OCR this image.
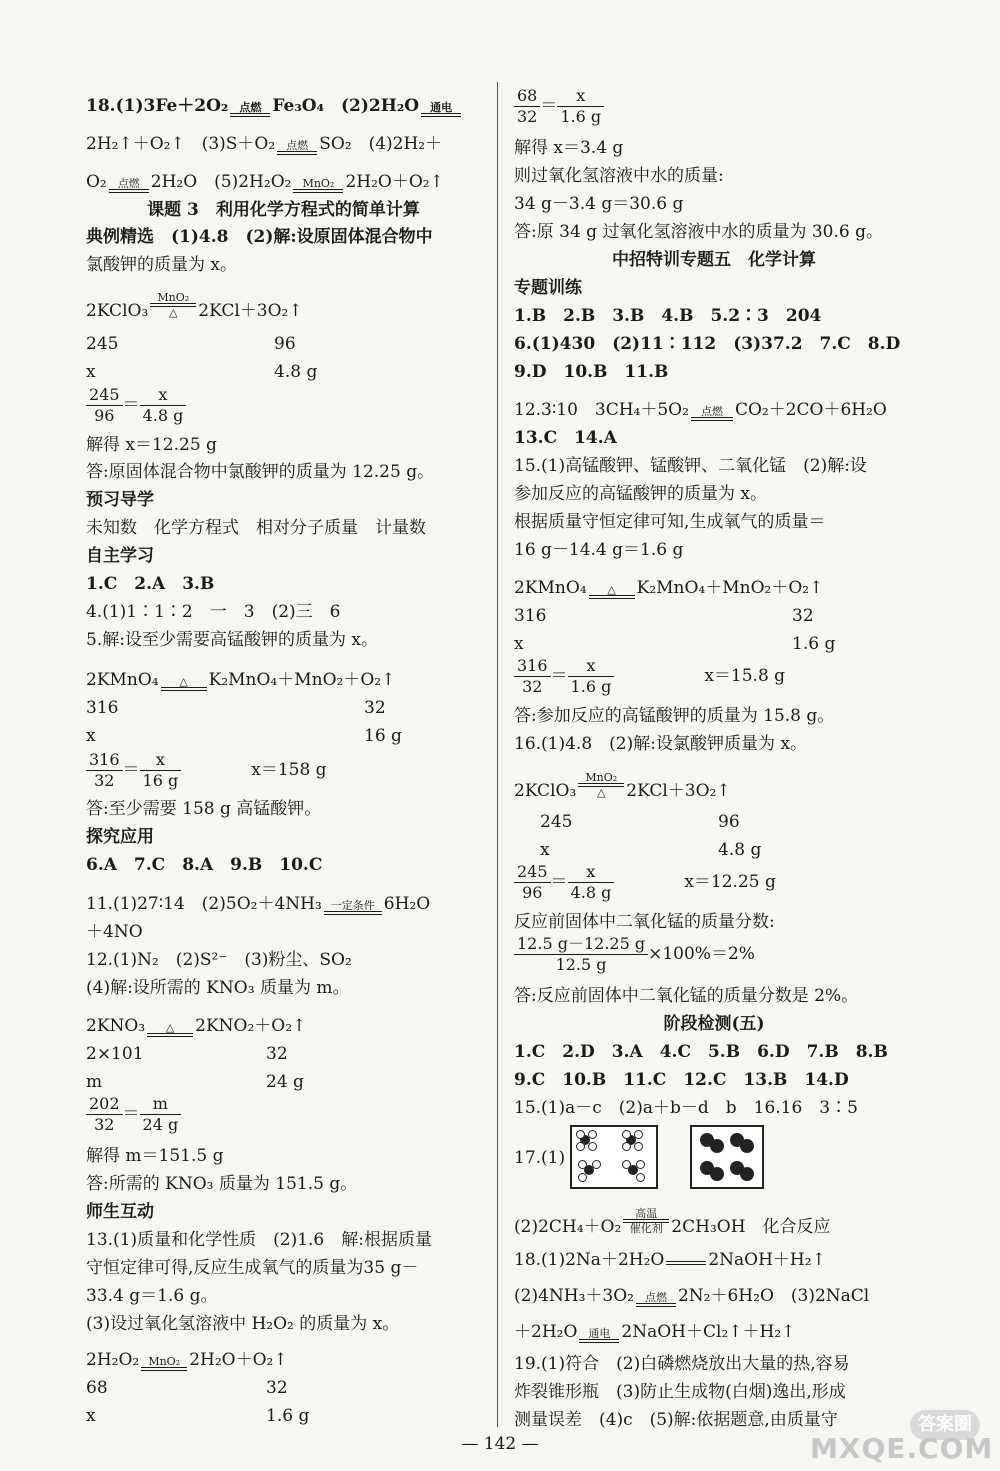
18.(1)3Fe＋2O₂	点燃 Fe₃O₄　(2)2H₂O	通电
2H₂↑＋O₂↑　(3)S＋O₂	点燃 SO₂　(4)2H₂＋
O₂	点燃 2H₂O　(5)2H₂O₂	MnO₂ 2H₂O＋O₂↑
课题 3　利用化学方程式的简单计算
典例精选　(1)4.8　(2)解:设原固体混合物中
氯酸钾的质量为 x。
2KClO₃
MnO₂
△	2KCl＋3O₂↑
245	96
x	4.8 g
$\frac{245}{96} = \frac{x}{4.8 g}$
解得 x＝12.25 g
答:原固体混合物中氯酸钾的质量为 12.25 g。
预习导学
未知数　化学方程式　相对分子质量　计量数
自主学习
1.C　2.A　3.B
4.(1)1∶1∶2　一　3　(2)三　6
5.解:设至少需要高锰酸钾的质量为 x。
2KMnO₄	△	K₂MnO₄＋MnO₂＋O₂↑
316	32
x	16 g
$\frac{316}{32} = \frac{x}{16 g}$	x＝158 g
答:至少需要 158 g 高锰酸钾。
探究应用
6.A　7.C　8.A　9.B　10.C
11.(1)27∶14　(2)5O₂＋4NH₃ 一定条件 6H₂O
＋4NO
12.(1)N₂　(2)S²⁻　(3)粉尘、SO₂
(4)解:设所需的 KNO₃ 质量为 m。
2KNO₃	△	2KNO₂＋O₂↑
2×101	32
m	24 g
$\frac{202}{32} = \frac{m}{24 g}$
解得 m＝151.5 g
答:所需的 KNO₃ 质量为 151.5 g。
师生互动
13.(1)质量和化学性质　(2)1.6　解:根据质量
守恒定律可得,反应生成氧气的质量为35 g－
33.4 g＝1.6 g。
(3)设过氧化氢溶液中 H₂O₂ 的质量为 x。
2H₂O₂ MnO₂ 2H₂O＋O₂↑
68	32
x	1.6 g
$\frac{68}{32} = \frac{x}{1.6 g}$
解得 x＝3.4 g
则过氧化氢溶液中水的质量:
34 g－3.4 g＝30.6 g
答:原 34 g 过氧化氢溶液中水的质量为 30.6 g。
中招特训专题五　化学计算
专题训练
1.B　2.B　3.B　4.B　5.2∶3　204
6.(1)430　(2)11∶112　(3)37.2　7.C　8.D
9.D　10.B　11.B
12.3∶10　3CH₄＋5O₂	点燃 CO₂＋2CO＋6H₂O
13.C　14.A
15.(1)高锰酸钾、锰酸钾、二氧化锰　(2)解:设
参加反应的高锰酸钾的质量为 x。
根据质量守恒定律可知,生成氧气的质量＝
16 g－14.4 g＝1.6 g
2KMnO₄	△	K₂MnO₄＋MnO₂＋O₂↑
316	32
x	1.6 g
$\frac{316}{32} = \frac{x}{1.6 g}$	x＝15.8 g
答:参加反应的高锰酸钾的质量为 15.8 g。
16.(1)4.8　(2)解:设氯酸钾质量为 x。
2KClO₃
MnO₂
△	2KCl＋3O₂↑
245	96
x	4.8 g
$\frac{245}{96} = \frac{x}{4.8 g}$	x＝12.25 g
反应前固体中二氧化锰的质量分数:
$\frac{12.5 g-12.25 g}{12.5 g} \times 100\%=2\%$
答:反应前固体中二氧化锰的质量分数是 2%。
阶段检测(五)
1.C　2.D　3.A　4.C　5.B　6.D　7.B　8.B
9.C　10.B　11.C　12.C　13.B　14.D
15.(1)a－c　(2)a＋b－d　b　16.16　3∶5
17.(1)
(2)2CH₄＋O₂
高温
催化剂 2CH₃OH　化合反应
18.(1)2Na＋2H₂O	2NaOH＋H₂↑
(2)4NH₃＋3O₂	点燃 2N₂＋6H₂O　(3)2NaCl
＋2H₂O	通电 2NaOH＋Cl₂↑＋H₂↑
19.(1)符合　(2)白磷燃烧放出大量的热,容易
炸裂锥形瓶　(3)防止生成物(白烟)逸出,形成
测量误差　(4)c　(5)解:依据题意,由质量守
— 142 —
答案圈
MXQE.COM
